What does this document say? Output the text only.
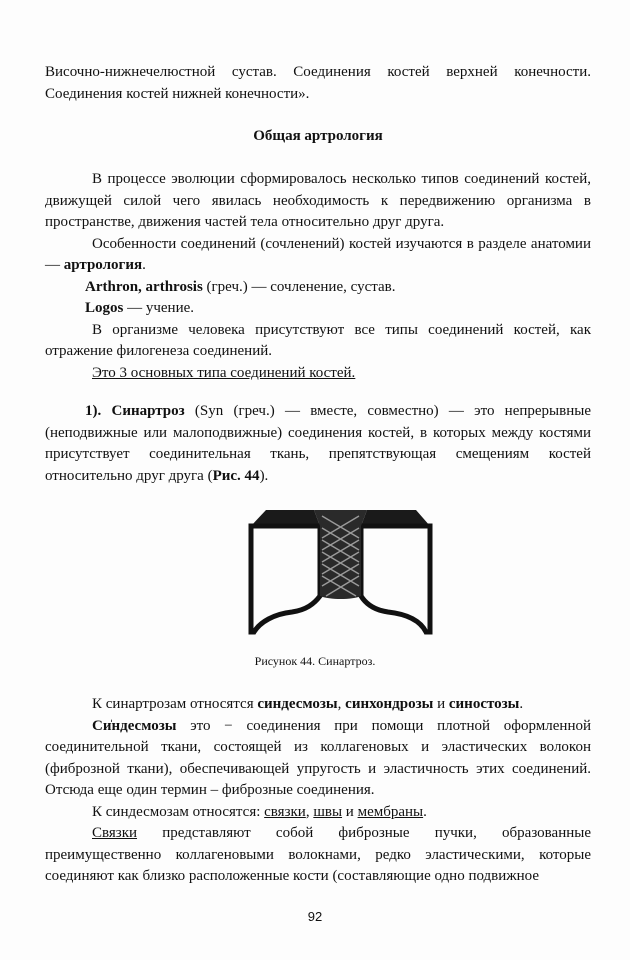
Височно-нижнечелюстной сустав. Соединения костей верхней конечности. Соединения костей нижней конечности».

Общая артрология

В процессе эволюции сформировалось несколько типов соединений костей, движущей силой чего явилась необходимость к передвижению организма в пространстве, движения частей тела относительно друг друга.

Особенности соединений (сочленений) костей изучаются в разделе анатомии — артрология.

Arthron, arthrosis (греч.) — сочленение, сустав.

Logos — учение.

В организме человека присутствуют все типы соединений костей, как отражение филогенеза соединений.

Это 3 основных типа соединений костей.

1). Синартроз (Syn (греч.) — вместе, совместно) — это непрерывные (неподвижные или малоподвижные) соединения костей, в которых между костями присутствует соединительная ткань, препятствующая смещениям костей относительно друг друга (Рис. 44).

Рисунок 44. Синартроз.

К синартрозам относятся синдесмозы, синхондрозы и синостозы.

Си̍ндесмозы это − соединения при помощи плотной оформленной соединительной ткани, состоящей из коллагеновых и эластических волокон (фиброзной ткани), обеспечивающей упругость и эластичность этих соединений. Отсюда еще один термин – фиброзные соединения.

К синдесмозам относятся: связки, швы и мембраны.

Связки представляют собой фиброзные пучки, образованные преимущественно коллагеновыми волокнами, редко эластическими, которые соединяют как близко расположенные кости (составляющие одно подвижное

92
